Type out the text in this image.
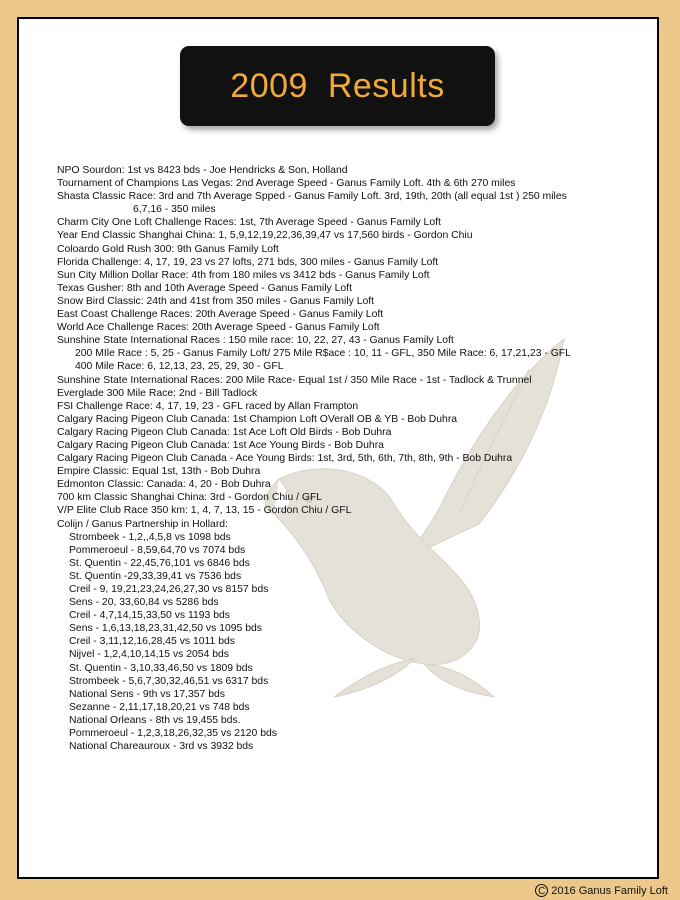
2009  Results
NPO Sourdon: 1st vs 8423 bds - Joe Hendricks & Son, Holland
Tournament of Champions Las Vegas: 2nd Average Speed - Ganus Family Loft. 4th & 6th 270 miles
Shasta Classic Race: 3rd and 7th Average Spped - Ganus Family Loft. 3rd, 19th, 20th (all equal 1st ) 250 miles
6,7,16 - 350 miles
Charm City One Loft Challenge Races: 1st, 7th Average Speed - Ganus Family Loft
Year End Classic Shanghai China: 1, 5,9,12,19,22,36,39,47 vs 17,560 birds - Gordon Chiu
Coloardo Gold Rush 300: 9th Ganus Family Loft
Florida Challenge: 4, 17, 19, 23 vs 27 lofts, 271 bds, 300 miles - Ganus Family Loft
Sun City Million Dollar Race: 4th from 180 miles vs 3412 bds - Ganus Family Loft
Texas Gusher: 8th and 10th Average Speed - Ganus Family Loft
Snow Bird Classic: 24th and 41st from 350 miles - Ganus Family Loft
East Coast Challenge Races: 20th Average Speed - Ganus Family Loft
World Ace Challenge Races: 20th Average Speed - Ganus Family Loft
Sunshine State International Races : 150 mile race: 10, 22, 27, 43 - Ganus Family Loft
200 MIle Race : 5, 25 - Ganus Family Loft/ 275 Mile R$ace : 10, 11 - GFL, 350 Mile Race: 6, 17,21,23 - GFL
400 Mile Race: 6, 12,13, 23, 25, 29, 30 - GFL
Sunshine State International Races: 200 Mile Race- Equal 1st / 350 Mile Race - 1st - Tadlock & Trunnel
Everglade 300 Mile Race: 2nd - Bill Tadlock
FSI Challenge Race: 4, 17, 19, 23 - GFL raced by Allan Frampton
Calgary Racing Pigeon Club Canada: 1st Champion Loft OVerall OB & YB - Bob Duhra
Calgary Racing Pigeon Club Canada: 1st Ace Loft Old Birds - Bob Duhra
Calgary Racing Pigeon Club Canada: 1st Ace Young Birds - Bob Duhra
Calgary Racing Pigeon Club Canada - Ace Young Birds: 1st, 3rd, 5th, 6th, 7th, 8th, 9th - Bob Duhra
Empire Classic: Equal 1st, 13th - Bob Duhra
Edmonton Classic: Canada: 4, 20 - Bob Duhra
700 km Classic Shanghai China: 3rd - Gordon Chiu / GFL
V/P Elite Club Race 350 km: 1, 4, 7, 13, 15 - Gordon Chiu / GFL
Colijn / Ganus Partnership in Hollard:
Strombeek - 1,2,,4,5,8 vs 1098 bds
Pommeroeul - 8,59,64,70 vs 7074 bds
St. Quentin - 22,45,76,101 vs 6846 bds
St. Quentin -29,33,39,41 vs 7536 bds
Creil - 9, 19,21,23,24,26,27,30 vs 8157 bds
Sens - 20, 33,60,84 vs 5286 bds
Creil - 4,7,14,15,33,50 vs 1193 bds
Sens - 1,6,13,18,23,31,42,50 vs 1095 bds
Creil - 3,11,12,16,28,45 vs 1011 bds
Nijvel - 1,2,4,10,14,15 vs 2054 bds
St. Quentin - 3,10,33,46,50 vs 1809 bds
Strombeek - 5,6,7,30,32,46,51 vs 6317 bds
National Sens - 9th vs 17,357 bds
Sezanne - 2,11,17,18,20,21 vs 748 bds
National Orleans - 8th vs 19,455 bds.
Pommeroeul - 1,2,3,18,26,32,35 vs 2120 bds
National Chareauroux - 3rd vs 3932 bds
C 2016 Ganus Family Loft
